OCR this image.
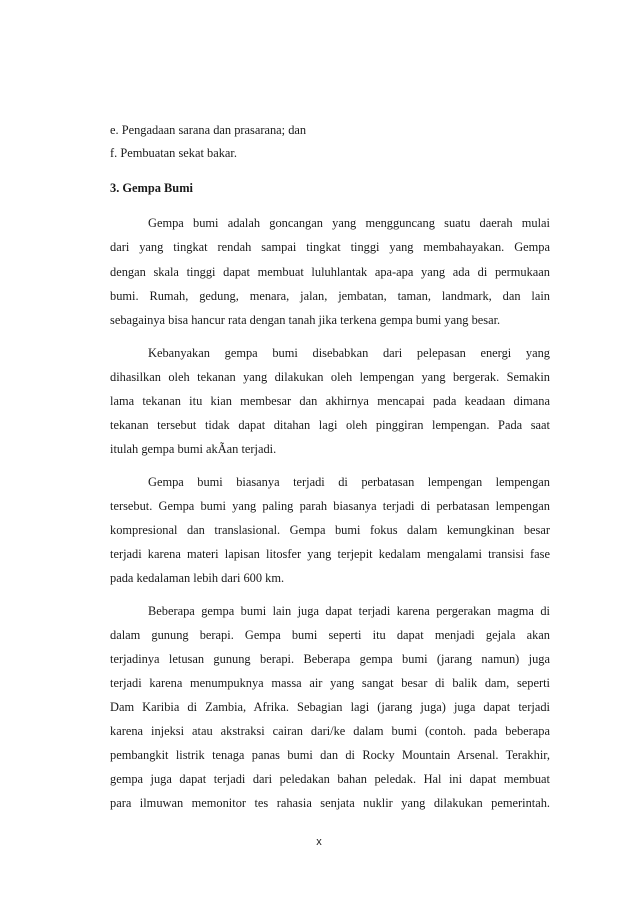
e. Pengadaan sarana dan prasarana; dan
f. Pembuatan sekat bakar.
3. Gempa Bumi
Gempa bumi adalah goncangan yang mengguncang suatu daerah mulai
dari yang tingkat rendah sampai tingkat tinggi yang membahayakan. Gempa
dengan skala tinggi dapat membuat luluhlantak apa-apa yang ada di permukaan
bumi. Rumah, gedung, menara, jalan, jembatan, taman, landmark, dan lain
sebagainya bisa hancur rata dengan tanah jika terkena gempa bumi yang besar.
Kebanyakan gempa bumi disebabkan dari pelepasan energi yang
dihasilkan oleh tekanan yang dilakukan oleh lempengan yang bergerak. Semakin
lama tekanan itu kian membesar dan akhirnya mencapai pada keadaan dimana
tekanan tersebut tidak dapat ditahan lagi oleh pinggiran lempengan. Pada saat
itulah gempa bumi akÃan terjadi.
Gempa bumi biasanya terjadi di perbatasan lempengan lempengan
tersebut. Gempa bumi yang paling parah biasanya terjadi di perbatasan lempengan
kompresional dan translasional. Gempa bumi fokus dalam kemungkinan besar
terjadi karena materi lapisan litosfer yang terjepit kedalam mengalami transisi fase
pada kedalaman lebih dari 600 km.
Beberapa gempa bumi lain juga dapat terjadi karena pergerakan magma di
dalam gunung berapi. Gempa bumi seperti itu dapat menjadi gejala akan
terjadinya letusan gunung berapi. Beberapa gempa bumi (jarang namun) juga
terjadi karena menumpuknya massa air yang sangat besar di balik dam, seperti
Dam Karibia di Zambia, Afrika. Sebagian lagi (jarang juga) juga dapat terjadi
karena injeksi atau akstraksi cairan dari/ke dalam bumi (contoh. pada beberapa
pembangkit listrik tenaga panas bumi dan di Rocky Mountain Arsenal. Terakhir,
gempa juga dapat terjadi dari peledakan bahan peledak. Hal ini dapat membuat
para ilmuwan memonitor tes rahasia senjata nuklir yang dilakukan pemerintah.
x
